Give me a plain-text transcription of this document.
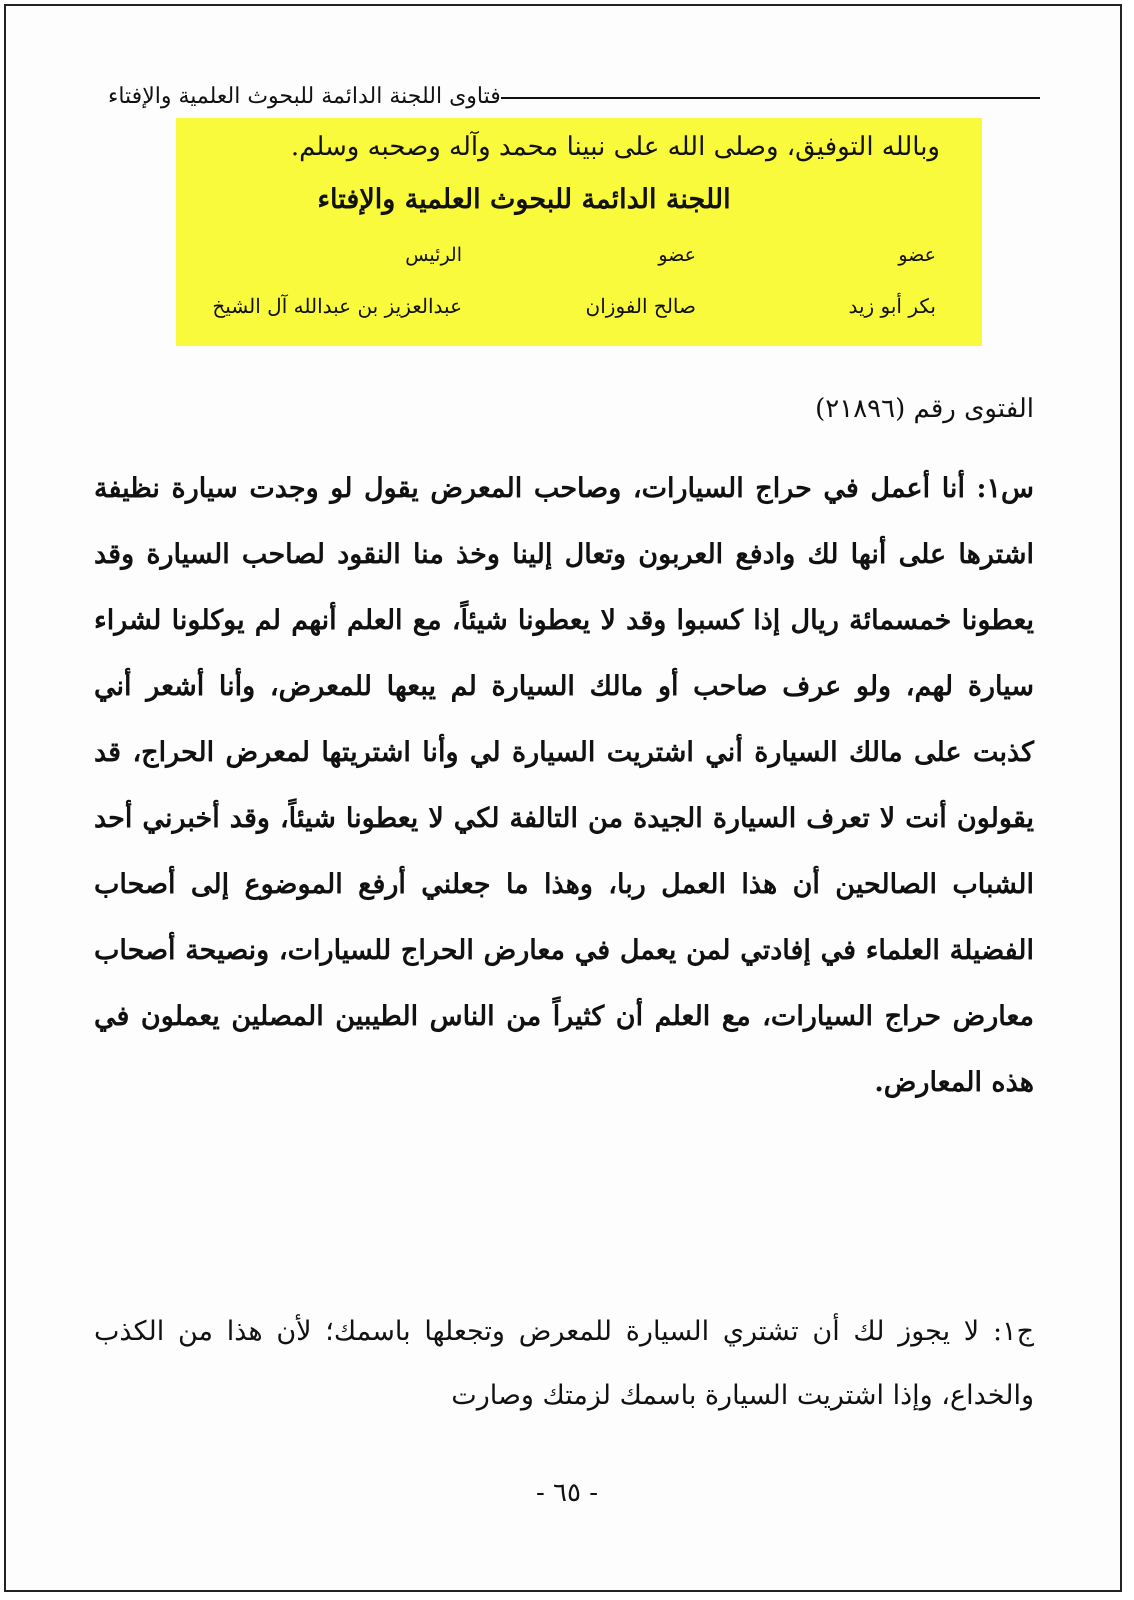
فتاوى اللجنة الدائمة للبحوث العلمية والإفتاء
وبالله التوفيق، وصلى الله على نبينا محمد وآله وصحبه وسلم.
اللجنة الدائمة للبحوث العلمية والإفتاء
عضو
عضو
الرئيس
بكر أبو زيد
صالح الفوزان
عبدالعزيز بن عبدالله آل الشيخ
الفتوى رقم (٢١٨٩٦)
س١: أنا أعمل في حراج السيارات، وصاحب المعرض يقول لو وجدت سيارة نظيفة اشترها على أنها لك وادفع العربون وتعال إلينا وخذ منا النقود لصاحب السيارة وقد يعطونا خمسمائة ريال إذا كسبوا وقد لا يعطونا شيئاً، مع العلم أنهم لم يوكلونا لشراء سيارة لهم، ولو عرف صاحب أو مالك السيارة لم يبعها للمعرض، وأنا أشعر أني كذبت على مالك السيارة أني اشتريت السيارة لي وأنا اشتريتها لمعرض الحراج، قد يقولون أنت لا تعرف السيارة الجيدة من التالفة لكي لا يعطونا شيئاً، وقد أخبرني أحد الشباب الصالحين أن هذا العمل ربا، وهذا ما جعلني أرفع الموضوع إلى أصحاب الفضيلة العلماء في إفادتي لمن يعمل في معارض الحراج للسيارات، ونصيحة أصحاب معارض حراج السيارات، مع العلم أن كثيراً من الناس الطيبين المصلين يعملون في هذه المعارض.
ج١: لا يجوز لك أن تشتري السيارة للمعرض وتجعلها باسمك؛ لأن هذا من الكذب والخداع، وإذا اشتريت السيارة باسمك لزمتك وصارت
- ٦٥ -
